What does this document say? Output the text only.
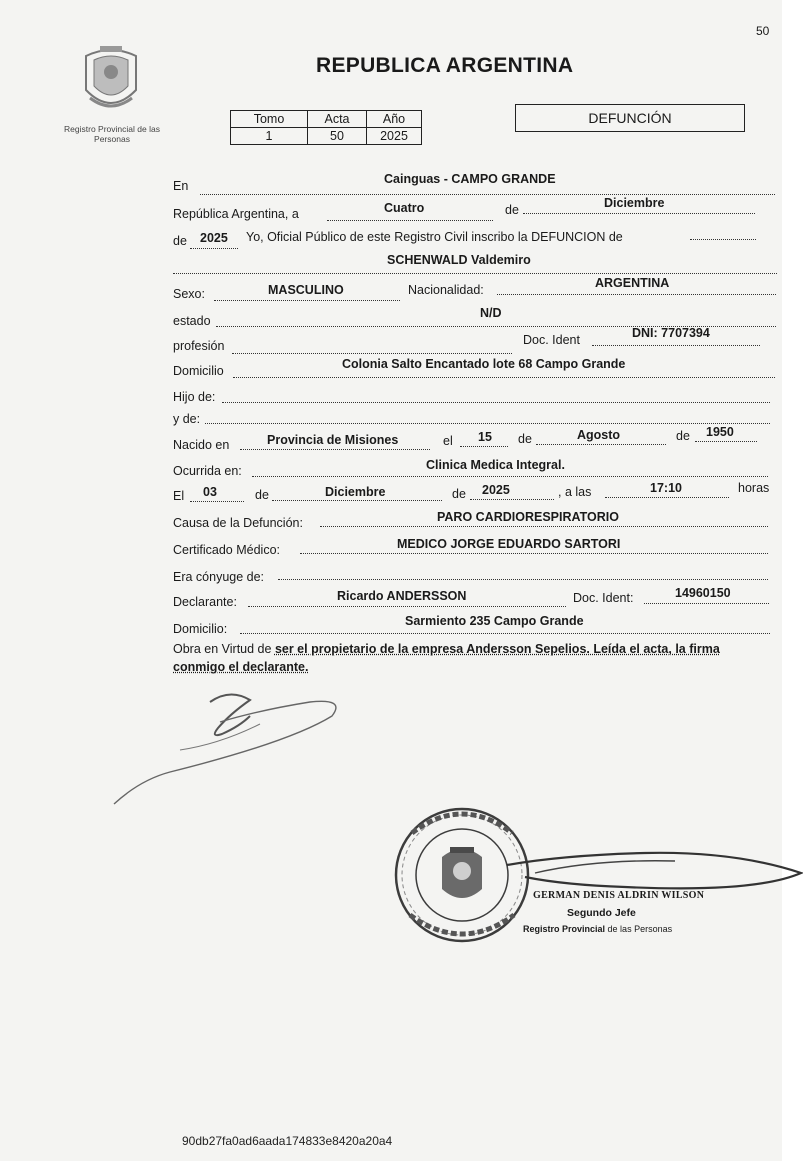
50
Registro Provincial de las Personas
REPUBLICA ARGENTINA
Tomo	Acta	Año
1	50	2025
DEFUNCIÓN
En	Cainguas - CAMPO GRANDE
República Argentina, a	Cuatro	de	Diciembre
de 2025 Yo, Oficial Público de este Registro Civil inscribo la DEFUNCION de
SCHENWALD Valdemiro
Sexo:	MASCULINO	Nacionalidad:	ARGENTINA
estado
N/D
profesión	Doc. Ident	DNI: 7707394
Domicilio	Colonia Salto Encantado lote 68 Campo Grande
Hijo de:
y de:
Nacido en	Provincia de Misiones	el 15 de	Agosto	de 1950
Ocurrida en:	Clinica Medica Integral.
El 03	de	Diciembre	de 2025	, a las	17:10	horas
Causa de la Defunción:	PARO CARDIORESPIRATORIO
Certificado Médico:	MEDICO JORGE EDUARDO SARTORI
Era cónyuge de:
Declarante:	Ricardo ANDERSSON	Doc. Ident:	14960150
Domicilio:
Sarmiento 235 Campo Grande
Obra en Virtud de ser el propietario de la empresa Andersson Sepelios. Leída el acta, la firma conmigo el declarante.
GERMAN DENIS ALDRIN WILSON
Segundo Jefe
Registro Provincial de las Personas
90db27fa0ad6aada174833e8420a20a4
